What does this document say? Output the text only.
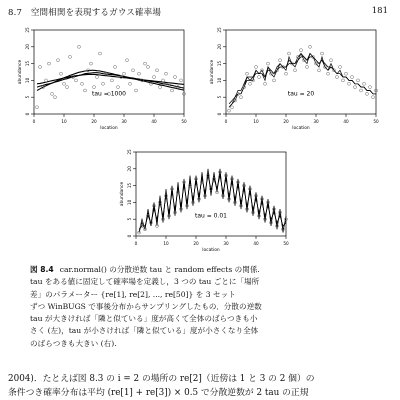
8.7　空間相関を表現するガウス確率場	181
0	10	20	30	40	50
0
5
10
15
20
25
location
abundance
tau = 1000
0	10	20	30	40	50
0
5
10
15
20
25
location
abundance
tau = 20
0	10	20	30	40	50
0
5
10
15
20
25
location
abundance
tau = 0.01
図 8.4 car.normal() の分散逆数 tau と random effects の関係.
tau をある値に固定して確率場を定義し，3 つの tau ごとに「場所
差」のパラメーター {re[1], re[2], ..., re[50]} を 3 セット
ずつ WinBUGS で事後分布からサンプリングしたもの．分散の逆数
tau が大きければ「隣と似ている」度が高くて全体のばらつきも小
さく (左)，tau が小さければ「隣と似ている」度が小さくなり全体
のばらつきも大きい (右).
2004)．たとえば図 8.3 の i = 2 の場所の re[2]（近傍は 1 と 3 の 2 個）の
条件つき確率分布は平均 (re[1] + re[3]) × 0.5 で分散逆数が 2 tau の正規
